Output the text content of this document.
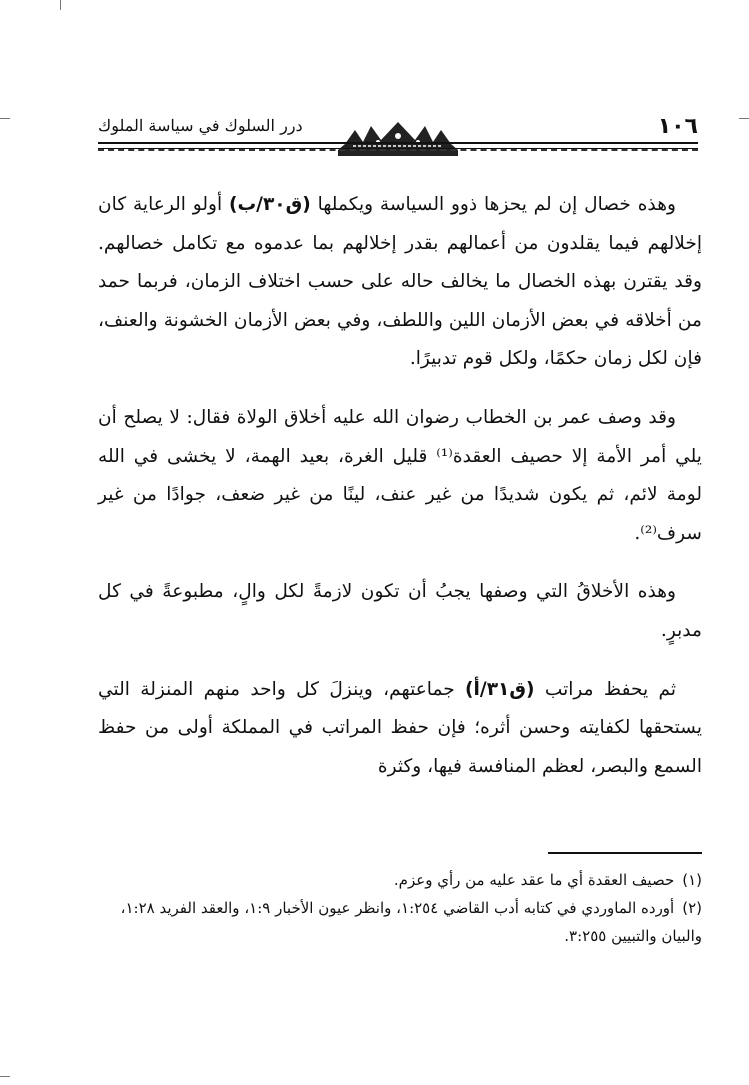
١٠٦
درر السلوك في سياسة الملوك

وهذه خصال إن لم يحزها ذوو السياسة ويكملها (ق٣٠/ب) أولو الرعاية كان إخلالهم فيما يقلدون من أعمالهم بقدر إخلالهم بما عدموه مع تكامل خصالهم. وقد يقترن بهذه الخصال ما يخالف حاله على حسب اختلاف الزمان، فربما حمد من أخلاقه في بعض الأزمان اللين واللطف، وفي بعض الأزمان الخشونة والعنف، فإن لكل زمان حكمًا، ولكل قوم تدبيرًا.

وقد وصف عمر بن الخطاب رضوان الله عليه أخلاق الولاة فقال: لا يصلح أن يلي أمر الأمة إلا حصيف العقدة⁽¹⁾ قليل الغرة، بعيد الهمة، لا يخشى في الله لومة لائم، ثم يكون شديدًا من غير عنف، لينًا من غير ضعف، جوادًا من غير سرف⁽²⁾.

وهذه الأخلاقُ التي وصفها يجبُ أن تكون لازمةً لكل والٍ، مطبوعةً في كل مدبرٍ.

ثم يحفظ مراتب (ق٣١/أ) جماعتهم، وينزلَ كل واحد منهم المنزلة التي يستحقها لكفايته وحسن أثره؛ فإن حفظ المراتب في المملكة أولى من حفظ السمع والبصر، لعظم المنافسة فيها، وكثرة

(١)حصيف العقدة أي ما عقد عليه من رأي وعزم.

(٢)أورده الماوردي في كتابه أدب القاضي ١:٢٥٤، وانظر عيون الأخبار ١:٩، والعقد الفريد ١:٢٨، والبيان والتبيين ٣:٢٥٥.
